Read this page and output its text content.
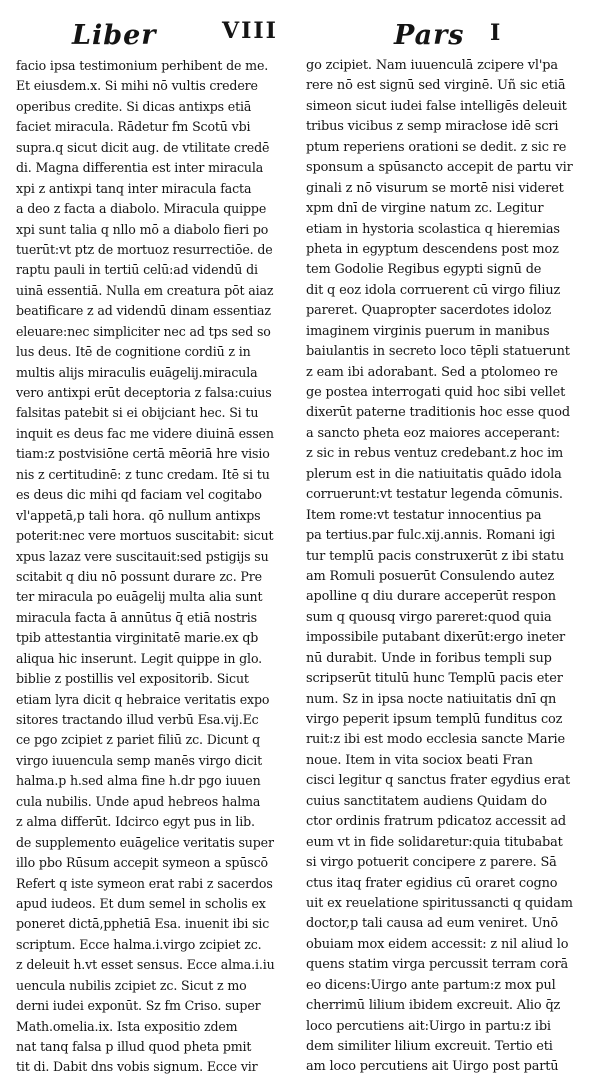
Liber	VIII	Pars I
facio ipsa testimonium perhibent de me.
Et eiusdem.x. Si mihi nō vultis credere
operibus credite. Si dicas antixps etiā
faciet miracula. Rādetur fm Scotū vbi
supra.q sicut dicit aug. de vtilitate credē
di. Magna differentia est inter miracula
xpi z antixpi tanq inter miracula facta
a deo z facta a diabolo. Miracula quippe
xpi sunt talia q nllo mō a diabolo fieri po
tuerūt:vt ptz de mortuoz resurrectiōe. de
raptu pauli in tertiū celū:ad videndū di
uinā essentiā. Nulla em creatura pōt aiaz
beatificare z ad videndū dinam essentiaz
eleuare:nec simpliciter nec ad tps sed so
lus deus. Itē de cognitione cordiū z in
multis alijs miraculis euāgelij.miracula
vero antixpi erūt deceptoria z falsa:cuius
falsitas patebit si ei obijciant hec. Si tu
inquit es deus fac me videre diuinā essen
tiam:z postvisiōne certā mēoriā hre visio
nis z certitudinē: z tunc credam. Itē si tu
es deus dic mihi qd faciam vel cogitabo
vl'appetā,p tali hora. qō nullum antixps
poterit:nec vere mortuos suscitabit: sicut
xpus lazaz vere suscitauit:sed pstigijs su
scitabit q diu nō possunt durare zc. Pre
ter miracula po euāgelij multa alia sunt
miracula facta ā annūtus q̄ etiā nostris
tpib attestantia virginitatē marie.ex qb
aliqua hic inserunt. Legit quippe in glo.
biblie z postillis vel expositorib. Sicut
etiam lyra dicit q hebraice veritatis expo
sitores tractando illud verbū Esa.vij.Ec
ce pgo zcipiet z pariet filiū zc. Dicunt q
virgo iuuencula semp manēs virgo dicit
halma.p h.sed alma fine h.dr pgo iuuen
cula nubilis. Unde apud hebreos halma
z alma differūt. Idcirco egyt pus in lib.
de supplemento euāgelice veritatis super
illo pbo Rūsum accepit symeon a spūscō
Refert q iste symeon erat rabi z sacerdos
apud iudeos. Et dum semel in scholis ex
poneret dictā,pphetiā Esa. inuenit ibi sic
scriptum. Ecce halma.i.virgo zcipiet zc.
z deleuit h.vt esset sensus. Ecce alma.i.iu
uencula nubilis zcipiet zc. Sicut z mo
derni iudei exponūt. Sz fm Criso. super
Math.omelia.ix. Ista expositio zdem
nat tanq falsa p illud quod pheta pmit
tit di. Dabit dns vobis signum. Ecce vir
go zcipiet. Nam iuuenculā zcipere vl'pa
rere nō est signū sed virginē. Uñ sic etiā
simeon sicut iudei false intelligēs deleuit
tribus vicibus z semp miracłose idē scri
ptum reperiens orationi se dedit. z sic re
sponsum a spūsancto accepit de partu vir
ginali z nō visurum se mortē nisi videret
xpm dnī de virgine natum zc. Legitur
etiam in hystoria scolastica q hieremias
pheta in egyptum descendens post moz
tem Godolie Regibus egypti signū de
dit q eoz idola corruerent cū virgo filiuz
pareret. Quapropter sacerdotes idoloz
imaginem virginis puerum in manibus
baiulantis in secreto loco tēpli statuerunt
z eam ibi adorabant. Sed a ptolomeo re
ge postea interrogati quid hoc sibi vellet
dixerūt paterne traditionis hoc esse quod
a sancto pheta eoz maiores acceperant:
z sic in rebus ventuz credebant.z hoc im
plerum est in die natiuitatis quādo idola
corruerunt:vt testatur legenda cōmunis.
Item rome:vt testatur innocentius pa
pa tertius.par fulc.xij.annis. Romani igi
tur templū pacis construxerūt z ibi statu
am Romuli posuerūt Consulendo autez
apolline q diu durare acceperūt respon
sum q quousq virgo pareret:quod quia
impossibile putabant dixerūt:ergo ineter
nū durabit. Unde in foribus templi sup
scripserūt titulū hunc Templū pacis eter
num. Sz in ipsa nocte natiuitatis dnī qn
virgo peperit ipsum templū funditus coz
ruit:z ibi est modo ecclesia sancte Marie
noue. Item in vita sociox beati Fran
cisci legitur q sanctus frater egydius erat
cuius sanctitatem audiens Quidam do
ctor ordinis fratrum pdicatoz accessit ad
eum vt in fide solidaretur:quia titubabat
si virgo potuerit concipere z parere. Sā
ctus itaq frater egidius cū oraret cogno
uit ex reuelatione spiritussancti q quidam
doctor,p tali causa ad eum veniret. Unō
obuiam mox eidem accessit: z nil aliud lo
quens statim virga percussit terram corā
eo dicens:Uirgo ante partum:z mox pul
cherrimū lilium ibidem excreuit. Alio q̄z
loco percutiens ait:Uirgo in partu:z ibi
dem similiter lilium excreuit. Tertio eti
am loco percutiens ait Uirgo post partū
